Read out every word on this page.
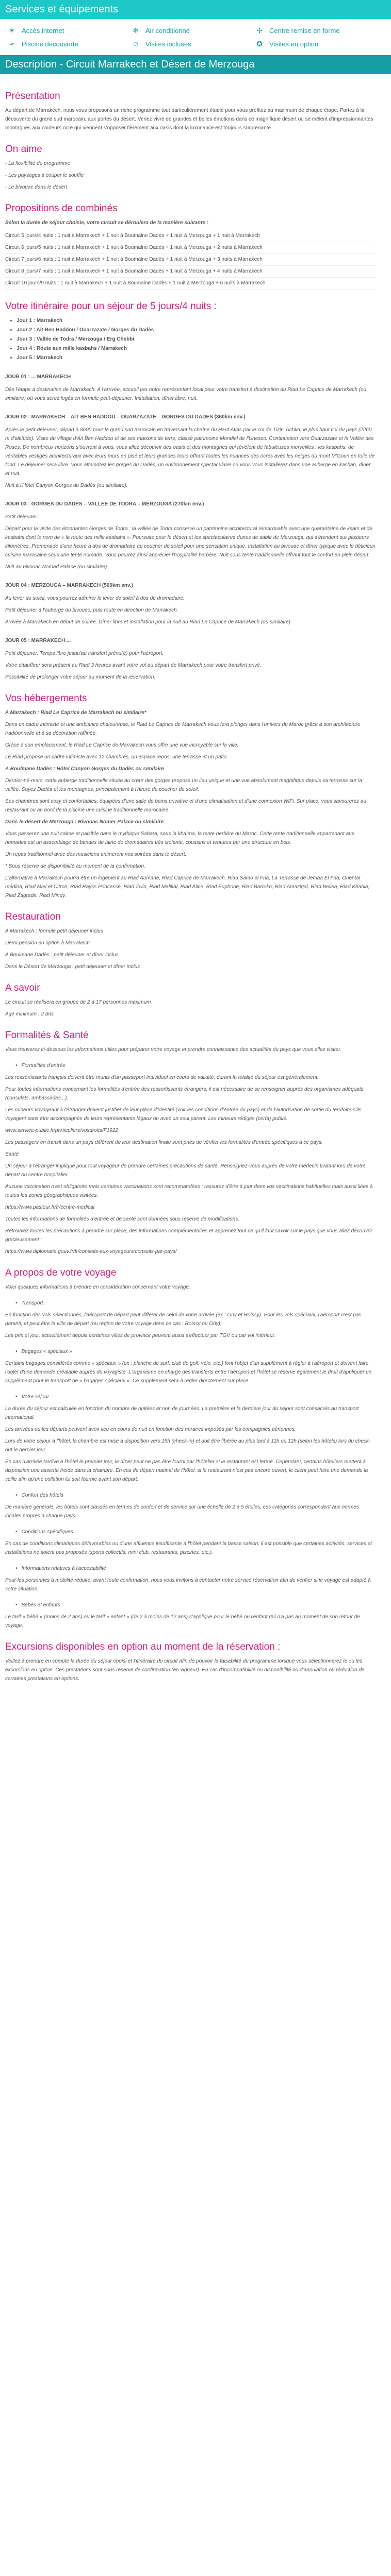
Services et équipements
✶ Accès internet	❄ Air conditionné	✢ Centre remise en forme
≈	Piscine découverte	☺ Visites incluses	✪ Visites en option
Description - Circuit Marrakech et Désert de Merzouga
Présentation

Au départ de Marrakech, nous vous proposons un riche programme tout particulièrement étudié pour vous profitez au maximum de chaque étape. Partez à la découverte du grand sud marocain, aux portes du désert. Venez vivre de grandes et belles émotions dans ce magnifique désert ou se mêlent d'impressionnantes montagnes aux couleurs ocre qui viennent s'opposer fièrement aux oasis dont la luxuriance est toujours surprenante...

On aime

- La flexibilité du programme

- Les paysages à couper le souffle

- Le bivouac dans le désert

Propositions de combinés

Selon la durée de séjour choisie, votre circuit se déroulera de la manière suivante :

Circuit 5 jours/4 nuits : 1 nuit à Marrakech + 1 nuit à Boumalne Dadès + 1 nuit à Merzouga + 1 nuit à Marrakech

Circuit 6 jours/5 nuits : 1 nuit à Marrakech + 1 nuit à Boumalne Dadès + 1 nuit à Merzouga + 2 nuits à Marrakech

Circuit 7 jours/6 nuits : 1 nuit à Marrakech + 1 nuit à Boumalne Dadès + 1 nuit à Merzouga + 3 nuits à Marrakech

Circuit 8 jours/7 nuits : 1 nuit à Marrakech + 1 nuit à Boumalne Dadès + 1 nuit à Merzouga + 4 nuits à Marrakech

Circuit 10 jours/9 nuits : 1 nuit à Marrakech + 1 nuit à Boumalne Dadès + 1 nuit à Merzouga + 6 nuits à Marrakech

Votre itinéraire pour un séjour de 5 jours/4 nuits :
• Jour 1 : Marrakech
• Jour 2 : Ait Ben Haddou / Ouarzazate / Gorges du Dadès
• Jour 3 : Vallée de Todra / Merzouga / Erg Chebbi
• Jour 4 : Route aux mille kasbahs / Marrakech
• Jour 5 : Marrakech
JOUR 01 : ... MARRAKECH

Dès l'étape à destination de Marrakech. A l'arrivée, accueil par notre représentant local pour votre transfert à destination du Riad Le Caprice de Marrakech (ou similaire) où vous serez logés en formule petit-déjeuner. Installation, dîner libre, nuit.

JOUR 02 : MARRAKECH – AIT BEN HADDOU – OUARZAZATE – GORGES DU DADES (360km env.)

Après le petit-déjeuner, départ à 8h00 pour le grand sud marocain en traversant la chaîne du Haut Atlas par le col de Tizin Tichka, le plus haut col du pays (2260 m d'altitude). Visite du village d'Ait Ben Haddou et de ses maisons de terre, classé patrimoine Mondial de l'Unesco. Continuation vers Ouarzazate et la Vallée des Roses. De nombreux horizons s'ouvrent à vous, vous allez découvrir des oasis et des montagnes qui révèlent de fabuleuses merveilles : les kasbahs, de véritables vestiges architecturaux avec leurs murs en pisé et leurs grandes tours offrant toutes les nuances des ocres avec les neiges du mont M'Goun en toile de fond. Le déjeuner sera libre. Vous atteindrez les gorges du Dadès, un environnement spectaculaire où vous vous installerez dans une auberge en kasbah, dîner et nuit.

Nuit à l'Hôtel Canyon Gorges du Dadès (ou similaire).

JOUR 03 : GORGES DU DADES – VALLEE DE TODRA – MERZOUGA (270km env.)

Petit déjeuner.

Départ pour la visite des étonnantes Gorges de Todra : la vallée de Todra conserve un patrimoine architectural remarquable avec une quarantaine de ksars et de kasbahs dont le nom de « la route des mille kasbahs ». Poursuite pour le désert et les spectaculaires dunes de sable de Merzouga, qui s'étendent sur plusieurs kilomètres. Promenade d'une heure à dos de dromadaire au coucher de soleil pour une sensation unique. Installation au bivouac et dîner typique avec le délicieux cuisine marocaine sous une tente nomade. Vous pourrez ainsi apprécier l'hospitalité berbère. Nuit sous tente traditionnelle offrant tout le confort en plein désert.

Nuit au bivouac Nomad Palace (ou similaire).

JOUR 04 : MERZOUGA – MARRAKECH (560km env.)

Au lever du soleil, vous pourrez admirer le lever de soleil à dos de dromadaire.

Petit déjeuner à l'auberge du bivouac, puis route en direction de Marrakech.

Arrivée à Marrakech en début de soirée. Dîner libre et installation pour la nuit au Riad Le Caprice de Marrakech (ou similaire).

JOUR 05 : MARRAKECH ...

Petit déjeuner. Temps libre jusqu'au transfert prévu(é) pour l'aéroport.

Votre chauffeur sera présent au Riad 3 heures avant votre vol au départ de Marrakech pour votre transfert privé.

Possibilité de prolonger votre séjour au moment de la réservation.

Vos hébergements

A Marrakech : Riad Le Caprice de Marrakech ou similaire*

Dans un cadre intimiste et une ambiance chaleureuse, le Riad Le Caprice de Marrakech vous fera plonger dans l'univers du Maroc grâce à son architecture traditionnelle et à sa décoration raffinée.

Grâce à son emplacement, le Riad Le Caprice de Marrakech vous offre une vue incroyable sur la ville.

Le Riad propose un cadre intimiste avec 12 chambres, un espace repos, une terrasse et un patio.

A Boulmane Dadès : Hôtel Canyon Gorges du Dadès ou similaire

Dernier-né-mars, cette auberge traditionnelle située au cœur des gorges propose un lieu unique et une vue absolument magnifique depuis sa terrasse sur la vallée. Soyez Dadès et les montagnes, principalement à l'heure du coucher de soleil.

Ses chambres sont cosy et confortables, équipées d'une salle de bains privative et d'une climatisation et d'une connexion WiFi. Sur place, vous savourerez au restaurant ou au bord de la piscine une cuisine traditionnelle marocaine.

Dans le désert de Merzouga : Bivouac Nomer Palace ou similaire

Vous passerez une nuit calme et paisible dans le mythique Sahara, sous la khaïma, la tente berbère du Maroc. Cette tente traditionnelle appartenant aux nomades est un assemblage de bandes de laine de dromadaires très isolante, coussins et tentures par une structure en bois.

Un repas traditionnel avec des musiciens animeront vos soirées dans le désert.

* Sous réserve de disponibilité au moment de la confirmation.

L'alternative à Marrakech pourra être un logement au Riad Aumane, Riad Caprice de Marrakech, Riad Samo el Fna, La Terrasse de Jemaa El Fna, Oriental médina, Riad Miel et Citron, Riad Rayss Princesse, Riad Zwin, Riad Malikal, Riad Alice, Riad Euphorie, Riad Barrokn, Riad Amazigal, Riad Bellea, Riad Khabia, Riad Zagrada, Riad Mindy.

Restauration

A Marrakech : formule petit déjeuner inclus

Demi-pension en option à Marrakech

A Boulmane Dadès : petit déjeuner et dîner inclus

Dans le Désert de Merzouga : petit déjeuner et dîner inclus

A savoir

Le circuit se réalisera en groupe de 2 à 17 personnes maximum

Age minimum : 2 ans

Formalités & Santé

Vous trouverez ci-dessous les informations utiles pour préparer votre voyage et prendre connaissance des actualités du pays que vous allez visiter.

• Formalités d'entrée

Les ressortissants français doivent être munis d'un passeport individuel en cours de validité, durant la totalité du séjour est généralement.

Pour toutes informations concernant les formalités d'entrée des ressortissants étrangers, il est nécessaire de se renseigner auprès des organismes adéquats (consulats, ambassades...).

Les mineurs voyageant à l'étranger doivent justifier de leur pièce d'identité (voir les conditions d'entrée du pays) et de l'autorisation de sortie du territoire s'ils voyagent sans être accompagnés de leurs représentants légaux ou avec un seul parent. Les mineurs rédigés (cerfa) publié.

www.service-public.fr/particuliers/vosdroits/F1922

Les passagers en transit dans un pays différent de leur destination finale sont priés de vérifier les formalités d'entrée spécifiques à ce pays.

Santé

Un séjour à l'étranger implique pour tout voyageur de prendre certaines précautions de santé. Renseignez-vous auprès de votre médecin traitant lors de votre départ ou centre hospitalier.

Aucune vaccination n'est obligatoire mais certaines vaccinations sont recommandées : rassurez d'être à jour dans vos vaccinations habituelles mais aussi liées à toutes les zones géographiques visitées.

https://www.pasteur.fr/fr/centre-medical

Toutes les informations de formalités d'entrée et de santé sont données sous réserve de modifications.

Retrouvez toutes les précautions à prendre sur place, des informations complémentaires et apprenez tout ce qu'il faut savoir sur le pays que vous allez découvrir gracieusement :

https://www.diplomatie.gouv.fr/fr/conseils-aux-voyageurs/conseils-par-pays/

A propos de votre voyage

Voici quelques informations à prendre en considération concernant votre voyage.

• Transport

En fonction des vols sélectionnés, l'aéroport de départ peut différer de celui de votre arrivée (ex : Orly et Roissy). Pour les vols spéciaux, l'aéroport n'est pas garanti, et peut être la ville de départ (ou région de votre voyage dans ce cas : Roissy ou Orly).

Les prix et jour, actuellement depuis certaines villes de province peuvent aussi s'effectuer par TGV ou par vol intérieur.

• Bagages « spéciaux »

Certains bagages considérés comme « spéciaux » (ex : planche de surf, club de golf, vélo, etc.) font l'objet d'un supplément à régler à l'aéroport et doivent faire l'objet d'une demande préalable auprès du voyagiste. L'organisme en charge des transferts entre l'aéroport et l'hôtel se réserve également le droit d'appliquer un supplément pour le transport de « bagages spéciaux ». Ce supplément sera à régler directement sur place.

• Votre séjour

La durée du séjour est calculée en fonction du nombre de nuitées et non de journées. La première et la dernière jour du séjour sont consacrés au transport international.

Les arrivées ou les départs peuvent avoir lieu en cours de nuit en fonction des horaires imposés par les compagnies aériennes.

Lors de votre séjour à l'hôtel, la chambre est mise à disposition vers 15h (check-in) et doit être libérée au plus tard à 11h ou 12h (selon les hôtels) lors du check-out le dernier jour.

En cas d'arrivée tardive à l'hôtel le premier jour, le dîner peut ne pas être fourni par l'hôtelier si le restaurant est fermé. Cependant, certains hôteliers mettent à disposition une assiette froide dans la chambre. En cas de départ matinal de l'hôtel, si le restaurant n'est pas encore ouvert, le client peut faire une demande la veille afin qu'une collation lui soit fournie avant son départ.

• Confort des hôtels

De manière générale, les hôtels sont classés en termes de confort et de service sur une échelle de 2 à 5 étoiles, ces catégories correspondent aux normes locales propres à chaque pays.

• Conditions spécifiques

En cas de conditions climatiques défavorables ou d'une affluence insuffisante à l'hôtel pendant la basse saison, il est possible que certaines activités, services et installations ne soient pas proposés (sports collectifs, mini club, restaurants, piscines, etc.).

• Informations relatives à l'accessibilité

Pour les personnes à mobilité réduite, avant toute confirmation, nous vous invitons à contacter notre service réservation afin de vérifier si le voyage est adapté à votre situation.

• Bébés et enfants

Le tarif « bébé » (moins de 2 ans) ou le tarif « enfant » (de 2 à moins de 12 ans) s'applique pour le bébé ou l'enfant qui n'a pas au moment de son retour de voyage.

Excursions disponibles en option au moment de la réservation :

Veillez à prendre en compte la durée du séjour choisi et l'itinéraire du circuit afin de pouvoir la faisabilité du programme lorsque vous sélectionnerez le ou les excursions en option. Ces prestations sont sous réserve de confirmation (en vigueur). En cas d'incompatibilité ou disponibilité ou d'annulation ou réduction de certaines prestations en options.
